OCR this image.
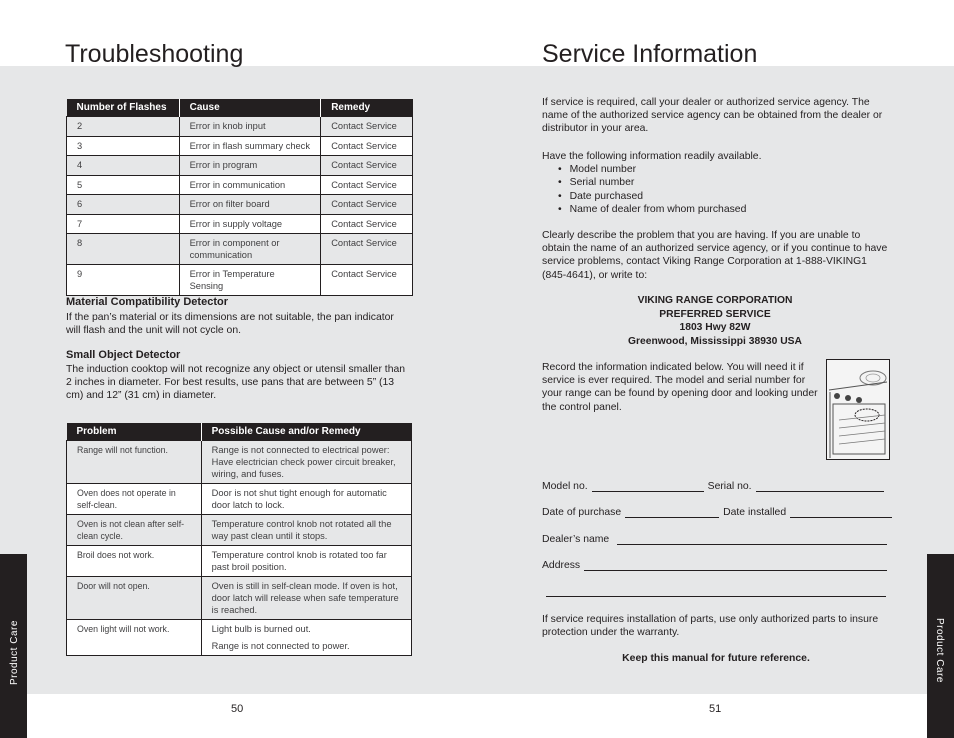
Product Care	Product Care
Troubleshooting	Service Information
Number of Flashes	Cause	Remedy
2	Error in knob input	Contact Service
3	Error in flash summary check	Contact Service
4	Error in program	Contact Service
5	Error in communication	Contact Service
6	Error on filter board	Contact Service
7	Error in supply voltage	Contact Service
8	Error in component or communication	Contact Service
9	Error in Temperature Sensing	Contact Service
Material Compatibility Detector
If the pan’s material or its dimensions are not suitable, the pan indicator will flash and the unit will not cycle on.
Small Object Detector
The induction cooktop will not recognize any object or utensil smaller than 2 inches in diameter. For best results, use pans that are between 5” (13 cm) and 12” (31 cm) in diameter.
Problem	Possible Cause and/or Remedy
Range will not function.	Range is not connected to electrical power: Have electrician check power circuit breaker, wiring, and fuses.
Oven does not operate in self-clean.	Door is not shut tight enough for automatic door latch to lock.
Oven is not clean after self-clean cycle.	Temperature control knob not rotated all the way past clean until it stops.
Broil does not work.	Temperature control knob is rotated too far past broil position.
Door will not open.	Oven is still in self-clean mode. If oven is hot, door latch will release when safe temperature is reached.
Oven light will not work.	Light bulb is burned out.
Range is not connected to power.
If service is required, call your dealer or authorized service agency. The name of the authorized service agency can be obtained from the dealer or distributor in your area.
Have the following information readily available.
• Model number
• Serial number
• Date purchased
• Name of dealer from whom purchased
Clearly describe the problem that you are having. If you are unable to obtain the name of an authorized service agency, or if you continue to have service problems, contact Viking Range Corporation at 1-888-VIKING1 (845-4641), or write to:
VIKING RANGE CORPORATION
PREFERRED SERVICE
1803 Hwy 82W
Greenwood, Mississippi 38930 USA
Record the information indicated below. You will need it if service is ever required. The model and serial number for your range can be found by opening door and looking under the control panel.
Model no.	Serial no.
Date of purchase	Date installed
Dealer’s name
Address
If service requires installation of parts, use only authorized parts to insure protection under the warranty.
Keep this manual for future reference.
50	51
